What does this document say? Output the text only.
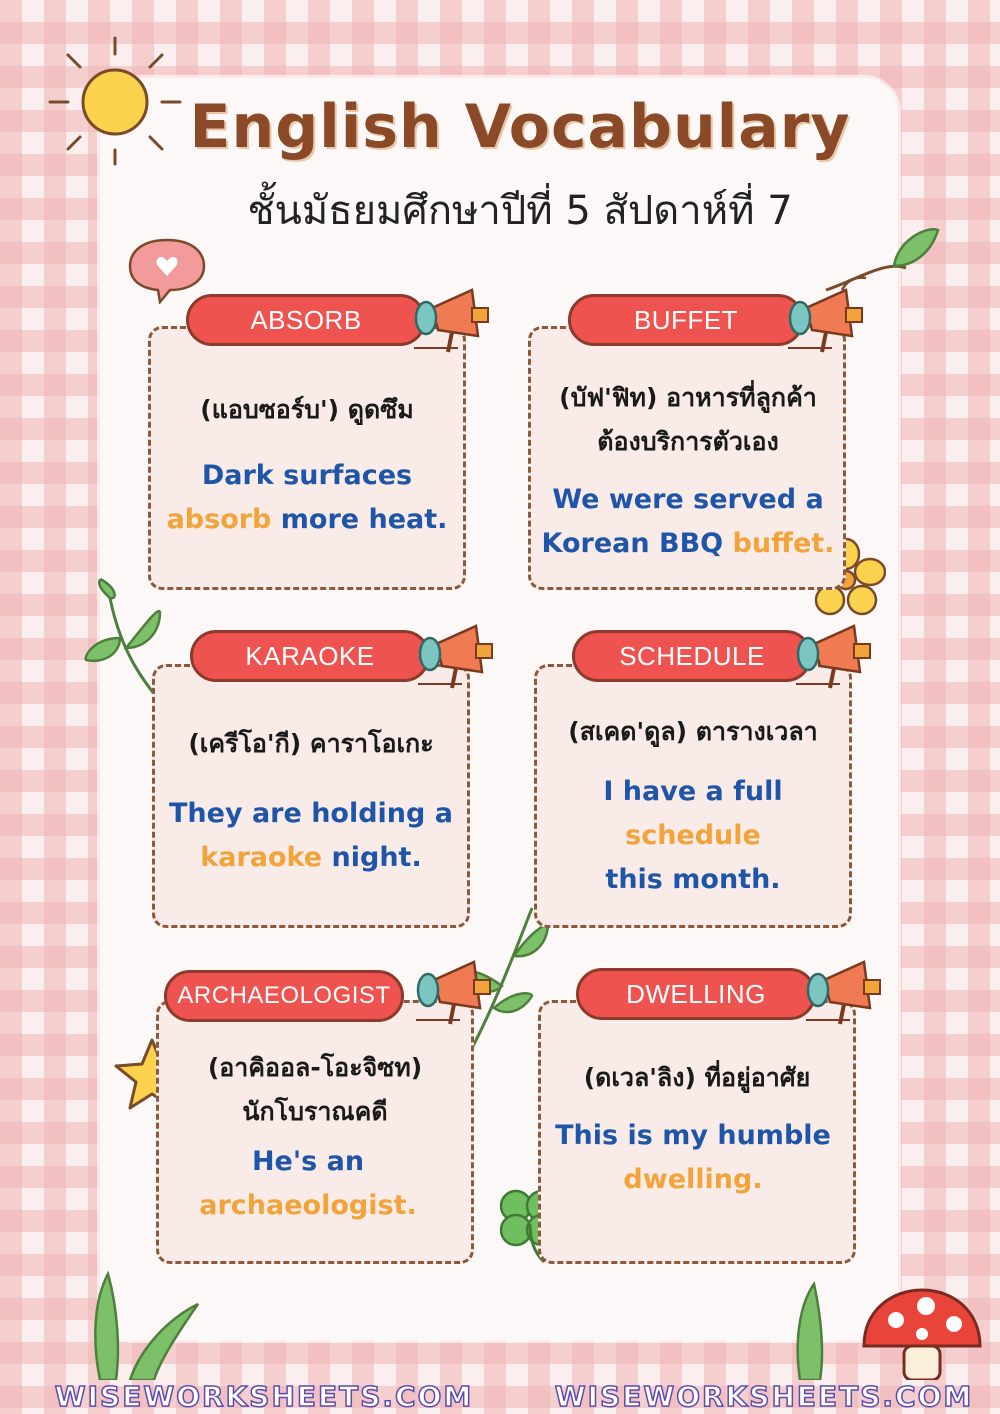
English Vocabulary
ชั้นมัธยมศึกษาปีที่ 5 สัปดาห์ที่ 7
ABSORB	BUFFET
KARAOKE	SCHEDULE
ARCHAEOLOGIST	DWELLING
(แอบซอร์บ') ดูดซึม
Dark surfaces
absorb more heat.
(บัฟ'ฟิท) อาหารที่ลูกค้า
ต้องบริการตัวเอง
We were served a
Korean BBQ buffet.
(เครีโอ'กี) คาราโอเกะ
They are holding a
karaoke night.
(สเคด'ดูล) ตารางเวลา
I have a full
schedule
this month.
(อาคิออล-โอะจิซท)
นักโบราณคดี
He's an
archaeologist.
(ดเวล'ลิง) ที่อยู่อาศัย
This is my humble
dwelling.
WISEWORKSHEETS.COM	WISEWORKSHEETS.COM
